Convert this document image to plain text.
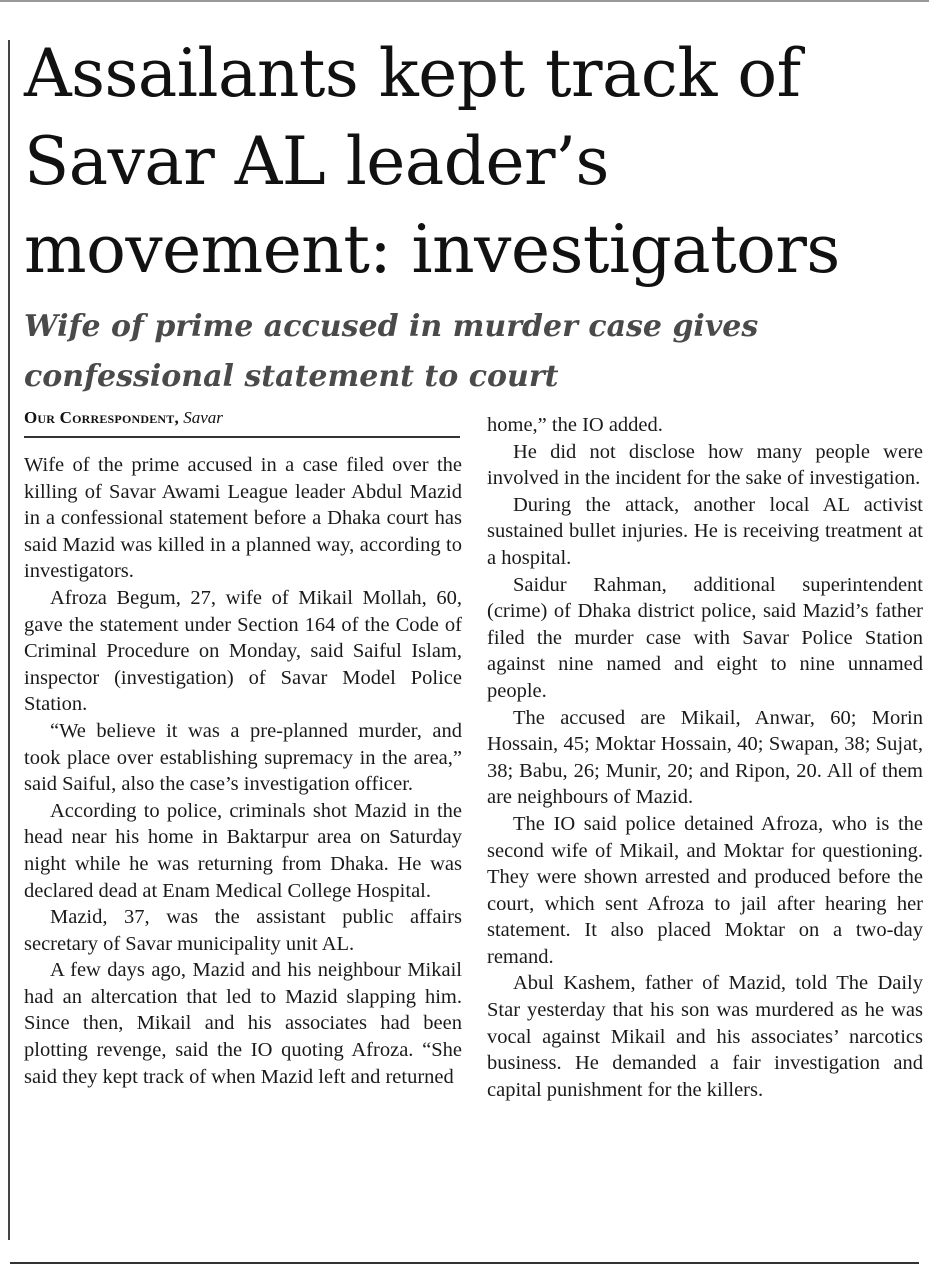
Assailants kept track of Savar AL leader’s movement: investigators
Wife of prime accused in murder case gives confessional statement to court
Our Correspondent, Savar

Wife of the prime accused in a case filed over the killing of Savar Awami League leader Abdul Mazid in a confessional statement before a Dhaka court has said Mazid was killed in a planned way, according to investigators.

Afroza Begum, 27, wife of Mikail Mollah, 60, gave the statement under Section 164 of the Code of Criminal Procedure on Monday, said Saiful Islam, inspector (investigation) of Savar Model Police Station.

“We believe it was a pre-planned murder, and took place over establishing supremacy in the area,” said Saiful, also the case’s investigation officer.

According to police, criminals shot Mazid in the head near his home in Baktarpur area on Saturday night while he was returning from Dhaka. He was declared dead at Enam Medical College Hospital.

Mazid, 37, was the assistant public affairs secretary of Savar municipality unit AL.

A few days ago, Mazid and his neighbour Mikail had an altercation that led to Mazid slapping him. Since then, Mikail and his associates had been plotting revenge, said the IO quoting Afroza. “She said they kept track of when Mazid left and returned

home,” the IO added.

He did not disclose how many people were involved in the incident for the sake of investigation.

During the attack, another local AL activist sustained bullet injuries. He is receiving treatment at a hospital.

Saidur Rahman, additional superintendent (crime) of Dhaka district police, said Mazid’s father filed the murder case with Savar Police Station against nine named and eight to nine unnamed people.

The accused are Mikail, Anwar, 60; Morin Hossain, 45; Moktar Hossain, 40; Swapan, 38; Sujat, 38; Babu, 26; Munir, 20; and Ripon, 20. All of them are neighbours of Mazid.

The IO said police detained Afroza, who is the second wife of Mikail, and Moktar for questioning. They were shown arrested and produced before the court, which sent Afroza to jail after hearing her statement. It also placed Moktar on a two-day remand.

Abul Kashem, father of Mazid, told The Daily Star yesterday that his son was murdered as he was vocal against Mikail and his associates’ narcotics business. He demanded a fair investigation and capital punishment for the killers.
